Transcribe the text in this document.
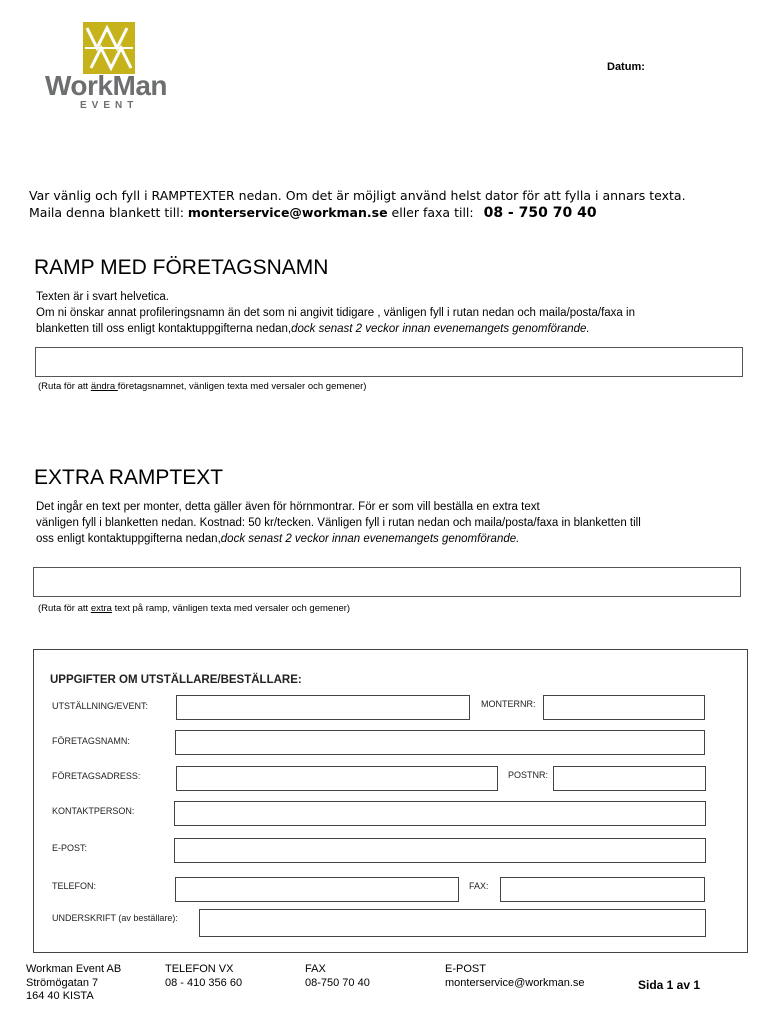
WorkMan
EVENT
Datum:
Var vänlig och fyll i RAMPTEXTER nedan. Om det är möjligt använd helst dator för att fylla i annars texta.
Maila denna blankett till: monterservice@workman.se eller faxa till: 08 - 750 70 40
RAMP MED FÖRETAGSNAMN
Texten är i svart helvetica.
Om ni önskar annat profileringsnamn än det som ni angivit tidigare , vänligen fyll i rutan nedan och maila/posta/faxa in
blanketten till oss enligt kontaktuppgifterna nedan,dock senast 2 veckor innan evenemangets genomförande.
(Ruta för att ändra företagsnamnet, vänligen texta med versaler och gemener)
EXTRA RAMPTEXT
Det ingår en text per monter, detta gäller även för hörnmontrar. För er som vill beställa en extra text
vänligen fyll i blanketten nedan. Kostnad: 50 kr/tecken. Vänligen fyll i rutan nedan och maila/posta/faxa in blanketten till
oss enligt kontaktuppgifterna nedan,dock senast 2 veckor innan evenemangets genomförande.
(Ruta för att extra text på ramp, vänligen texta med versaler och gemener)
UPPGIFTER OM UTSTÄLLARE/BESTÄLLARE:
UTSTÄLLNING/EVENT:	MONTERNR:
FÖRETAGSNAMN:
FÖRETAGSADRESS:	POSTNR:
KONTAKTPERSON:
E-POST:
TELEFON:	FAX:
UNDERSKRIFT (av beställare):
Workman Event AB
Strömögatan 7
164 40 KISTA
TELEFON VX
08 - 410 356 60
FAX
08-750 70 40
E-POST
monterservice@workman.se	Sida 1 av 1
